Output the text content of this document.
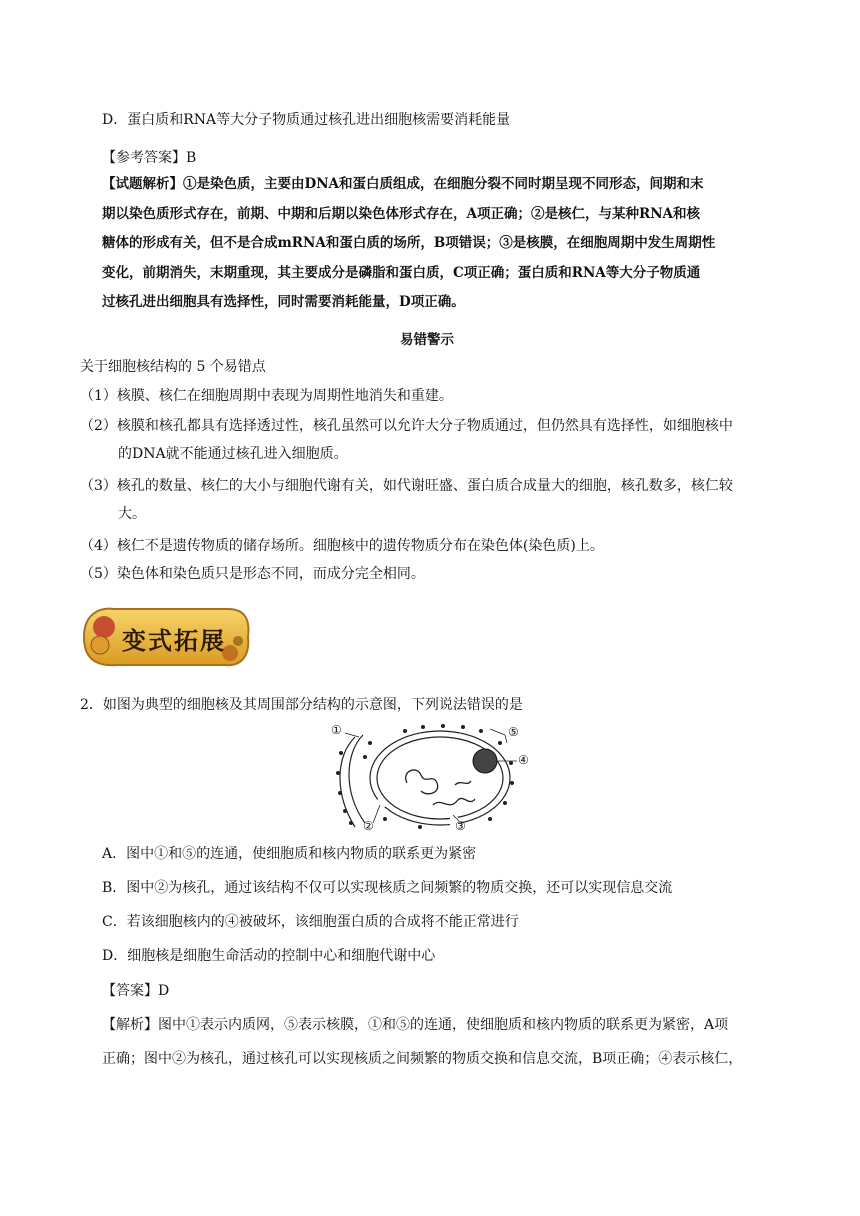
D．蛋白质和RNA等大分子物质通过核孔进出细胞核需要消耗能量
【参考答案】B
【试题解析】①是染色质，主要由DNA和蛋白质组成，在细胞分裂不同时期呈现不同形态，间期和末
期以染色质形式存在，前期、中期和后期以染色体形式存在，A项正确；②是核仁，与某种RNA和核
糖体的形成有关，但不是合成mRNA和蛋白质的场所，B项错误；③是核膜，在细胞周期中发生周期性
变化，前期消失，末期重现，其主要成分是磷脂和蛋白质，C项正确；蛋白质和RNA等大分子物质通
过核孔进出细胞具有选择性，同时需要消耗能量，D项正确。
易错警示
关于细胞核结构的 5 个易错点
（1）核膜、核仁在细胞周期中表现为周期性地消失和重建。
（2）核膜和核孔都具有选择透过性，核孔虽然可以允许大分子物质通过，但仍然具有选择性，如细胞核中
的DNA就不能通过核孔进入细胞质。
（3）核孔的数量、核仁的大小与细胞代谢有关，如代谢旺盛、蛋白质合成量大的细胞，核孔数多，核仁较
大。
（4）核仁不是遗传物质的储存场所。细胞核中的遗传物质分布在染色体(染色质)上。
（5）染色体和染色质只是形态不同，而成分完全相同。
变式拓展
2．如图为典型的细胞核及其周围部分结构的示意图，下列说法错误的是
①
②	③
④
⑤
A．图中①和⑤的连通，使细胞质和核内物质的联系更为紧密
B．图中②为核孔，通过该结构不仅可以实现核质之间频繁的物质交换，还可以实现信息交流
C．若该细胞核内的④被破坏，该细胞蛋白质的合成将不能正常进行
D．细胞核是细胞生命活动的控制中心和细胞代谢中心
【答案】D
【解析】图中①表示内质网，⑤表示核膜，①和⑤的连通，使细胞质和核内物质的联系更为紧密，A项
正确；图中②为核孔，通过核孔可以实现核质之间频繁的物质交换和信息交流，B项正确；④表示核仁，
